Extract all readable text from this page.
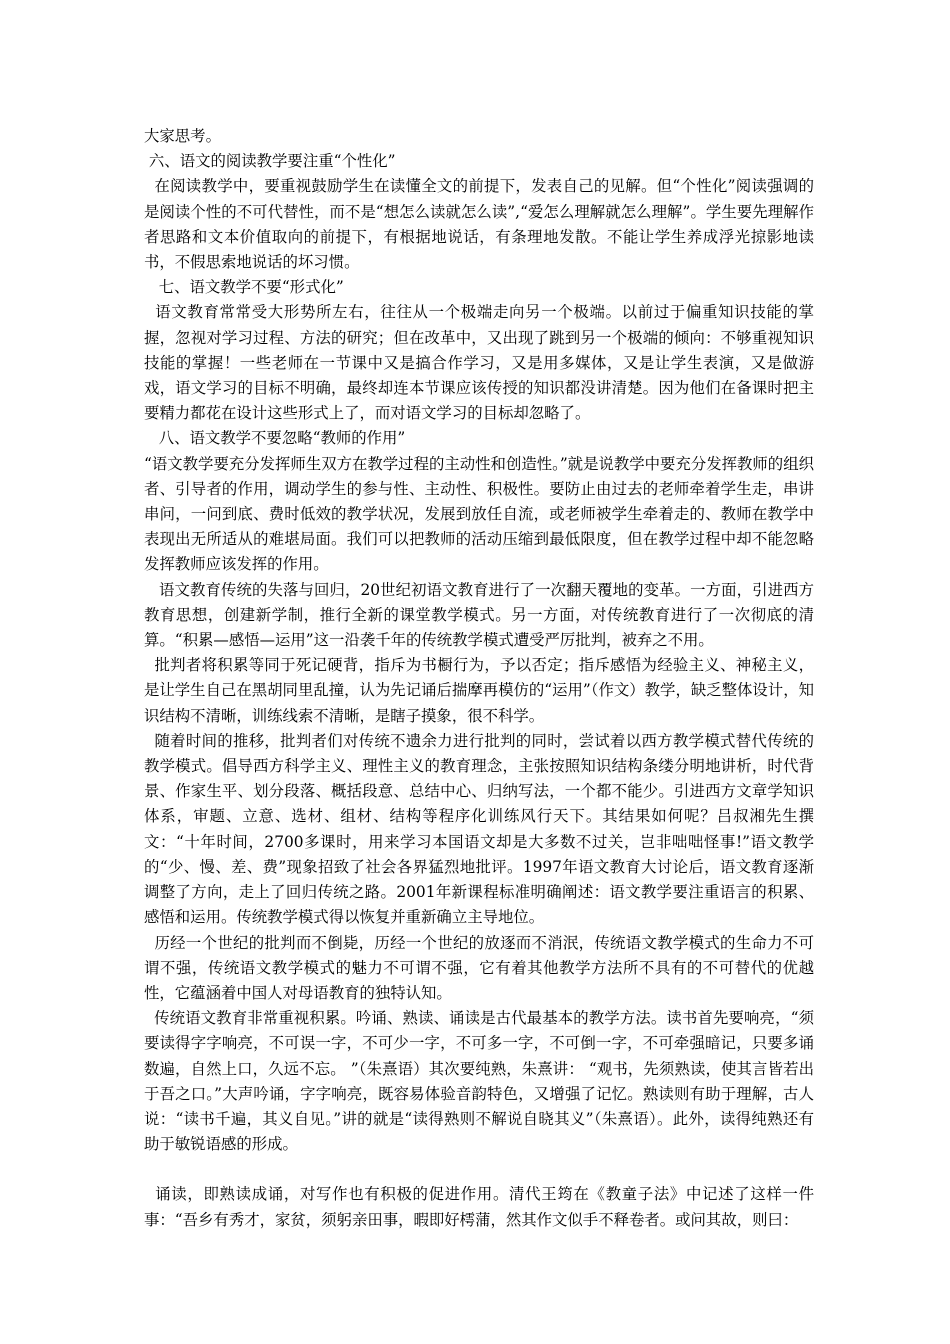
大家思考。

六、语文的阅读教学要注重“个性化”

在阅读教学中，要重视鼓励学生在读懂全文的前提下，发表自己的见解。但“个性化”阅读强调的是阅读个性的不可代替性，而不是“想怎么读就怎么读”,“爱怎么理解就怎么理解”。学生要先理解作者思路和文本价值取向的前提下，有根据地说话，有条理地发散。不能让学生养成浮光掠影地读书，不假思索地说话的坏习惯。

七、语文教学不要“形式化”

语文教育常常受大形势所左右，往往从一个极端走向另一个极端。以前过于偏重知识技能的掌握，忽视对学习过程、方法的研究；但在改革中，又出现了跳到另一个极端的倾向：不够重视知识技能的掌握！一些老师在一节课中又是搞合作学习，又是用多媒体，又是让学生表演，又是做游戏，语文学习的目标不明确，最终却连本节课应该传授的知识都没讲清楚。因为他们在备课时把主要精力都花在设计这些形式上了，而对语文学习的目标却忽略了。

八、语文教学不要忽略“教师的作用”

“语文教学要充分发挥师生双方在教学过程的主动性和创造性。”就是说教学中要充分发挥教师的组织者、引导者的作用，调动学生的参与性、主动性、积极性。要防止由过去的老师牵着学生走，串讲串问，一问到底、费时低效的教学状况，发展到放任自流，或老师被学生牵着走的、教师在教学中表现出无所适从的难堪局面。我们可以把教师的活动压缩到最低限度，但在教学过程中却不能忽略发挥教师应该发挥的作用。

语文教育传统的失落与回归，20世纪初语文教育进行了一次翻天覆地的变革。一方面，引进西方教育思想，创建新学制，推行全新的课堂教学模式。另一方面，对传统教育进行了一次彻底的清算。“积累—感悟—运用”这一沿袭千年的传统教学模式遭受严厉批判，被弃之不用。

批判者将积累等同于死记硬背，指斥为书橱行为，予以否定；指斥感悟为经验主义、神秘主义，是让学生自己在黑胡同里乱撞，认为先记诵后揣摩再模仿的“运用”（作文）教学，缺乏整体设计，知识结构不清晰，训练线索不清晰，是瞎子摸象，很不科学。

随着时间的推移，批判者们对传统不遗余力进行批判的同时，尝试着以西方教学模式替代传统的教学模式。倡导西方科学主义、理性主义的教育理念，主张按照知识结构条缕分明地讲析，时代背景、作家生平、划分段落、概括段意、总结中心、归纳写法，一个都不能少。引进西方文章学知识体系，审题、立意、选材、组材、结构等程序化训练风行天下。其结果如何呢？吕叔湘先生撰文：“十年时间，2700多课时，用来学习本国语文却是大多数不过关，岂非咄咄怪事!”语文教学的“少、慢、差、费”现象招致了社会各界猛烈地批评。1997年语文教育大讨论后，语文教育逐渐调整了方向，走上了回归传统之路。2001年新课程标准明确阐述：语文教学要注重语言的积累、感悟和运用。传统教学模式得以恢复并重新确立主导地位。

历经一个世纪的批判而不倒毙，历经一个世纪的放逐而不消泯，传统语文教学模式的生命力不可谓不强，传统语文教学模式的魅力不可谓不强，它有着其他教学方法所不具有的不可替代的优越性，它蕴涵着中国人对母语教育的独特认知。

传统语文教育非常重视积累。吟诵、熟读、诵读是古代最基本的教学方法。读书首先要响亮，“须要读得字字响亮，不可误一字，不可少一字，不可多一字，不可倒一字，不可牵强暗记，只要多诵数遍，自然上口，久远不忘。 ”（朱熹语）其次要纯熟，朱熹讲： “观书，先须熟读，使其言皆若出于吾之口。”大声吟诵，字字响亮，既容易体验音韵特色，又增强了记忆。熟读则有助于理解，古人说：“读书千遍，其义自见。”讲的就是“读得熟则不解说自晓其义”（朱熹语）。此外，读得纯熟还有助于敏锐语感的形成。

诵读，即熟读成诵，对写作也有积极的促进作用。清代王筠在《教童子法》中记述了这样一件事：“吾乡有秀才，家贫，须躬亲田事，暇即好樗蒲，然其作文似手不释卷者。或问其故，则曰：
